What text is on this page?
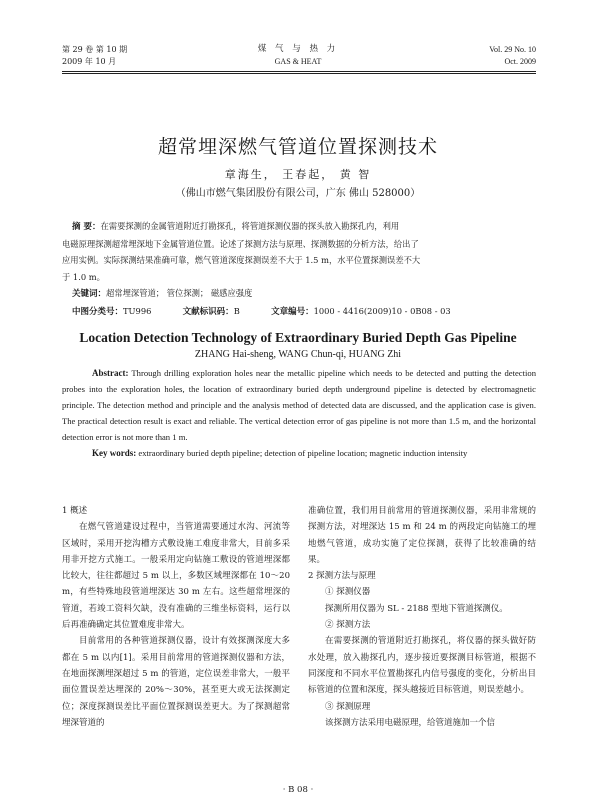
第 29 卷 第 10 期
2009 年 10 月
煤 气 与 热 力
GAS & HEAT
Vol. 29 No. 10
Oct. 2009
超常埋深燃气管道位置探测技术
章海生， 王春起， 黄 智
（佛山市燃气集团股份有限公司，广东 佛山 528000）
摘 要：在需要探测的金属管道附近打勘探孔，将管道探测仪器的探头放入勘探孔内，利用
电磁原理探测超常埋深地下金属管道位置。论述了探测方法与原理、探测数据的分析方法，给出了
应用实例。实际探测结果准确可靠，燃气管道深度探测误差不大于 1.5 m，水平位置探测误差不大
于 1.0 m。
关键词：超常埋深管道； 管位探测； 磁感应强度
中图分类号：TU996	文献标识码：B	文章编号：1000 - 4416(2009)10 - 0B08 - 03
Location Detection Technology of Extraordinary Buried Depth Gas Pipeline
ZHANG Hai-sheng, WANG Chun-qi, HUANG Zhi
Abstract: Through drilling exploration holes near the metallic pipeline which needs to be detected and putting the detection probes into the exploration holes, the location of extraordinary buried depth underground pipeline is detected by electromagnetic principle. The detection method and principle and the analysis method of detected data are discussed, and the application case is given. The practical detection result is exact and reliable. The vertical detection error of gas pipeline is not more than 1.5 m, and the horizontal detection error is not more than 1 m.
Key words: extraordinary buried depth pipeline; detection of pipeline location; magnetic induction intensity

1 概述

在燃气管道建设过程中，当管道需要通过水沟、河流等区域时，采用开挖沟槽方式敷设施工难度非常大，目前多采用非开挖方式施工。一般采用定向钻施工敷设的管道埋深都比较大，往往都超过 5 m 以上，多数区域埋深都在 10～20 m，有些特殊地段管道埋深达 30 m 左右。这些超常埋深的管道，若竣工资料欠缺，没有准确的三维坐标资料，运行以后再准确确定其位置难度非常大。

目前常用的各种管道探测仪器，设计有效探测深度大多都在 5 m 以内[1]。采用目前常用的管道探测仪器和方法，在地面探测埋深超过 5 m 的管道，定位误差非常大，一般平面位置误差达埋深的 20%～30%，甚至更大或无法探测定位；深度探测误差比平面位置探测误差更大。为了探测超常埋深管道的

准确位置，我们用目前常用的管道探测仪器，采用非常规的探测方法，对埋深达 15 m 和 24 m 的两段定向钻施工的埋地燃气管道，成功实施了定位探测，获得了比较准确的结果。

2 探测方法与原理

① 探测仪器

探测所用仪器为 SL - 2188 型地下管道探测仪。

② 探测方法

在需要探测的管道附近打勘探孔，将仪器的探头做好防水处理，放入勘探孔内，逐步接近要探测目标管道，根据不同深度和不同水平位置勘探孔内信号强度的变化，分析出目标管道的位置和深度，探头越接近目标管道，则误差越小。

③ 探测原理

该探测方法采用电磁原理，给管道施加一个信

· B 08 ·
